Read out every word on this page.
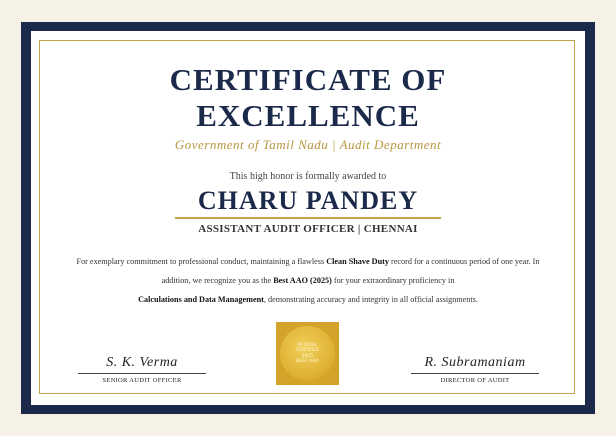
CERTIFICATE OF
EXCELLENCE
Government of Tamil Nadu | Audit Department
This high honor is formally awarded to
CHARU PANDEY
ASSISTANT AUDIT OFFICER | CHENNAI
For exemplary commitment to professional conduct, maintaining a flawless Clean Shave Duty record for a continuous period of one year. In addition, we recognize you as the Best AAO (2025) for your extraordinary proficiency in
Calculations and Data Management, demonstrating accuracy and integrity in all official assignments.
OFFICIAL
CERTIFIED
2025
BEST AAO
S. K. Verma
SENIOR AUDIT OFFICER
R. Subramaniam
DIRECTOR OF AUDIT
